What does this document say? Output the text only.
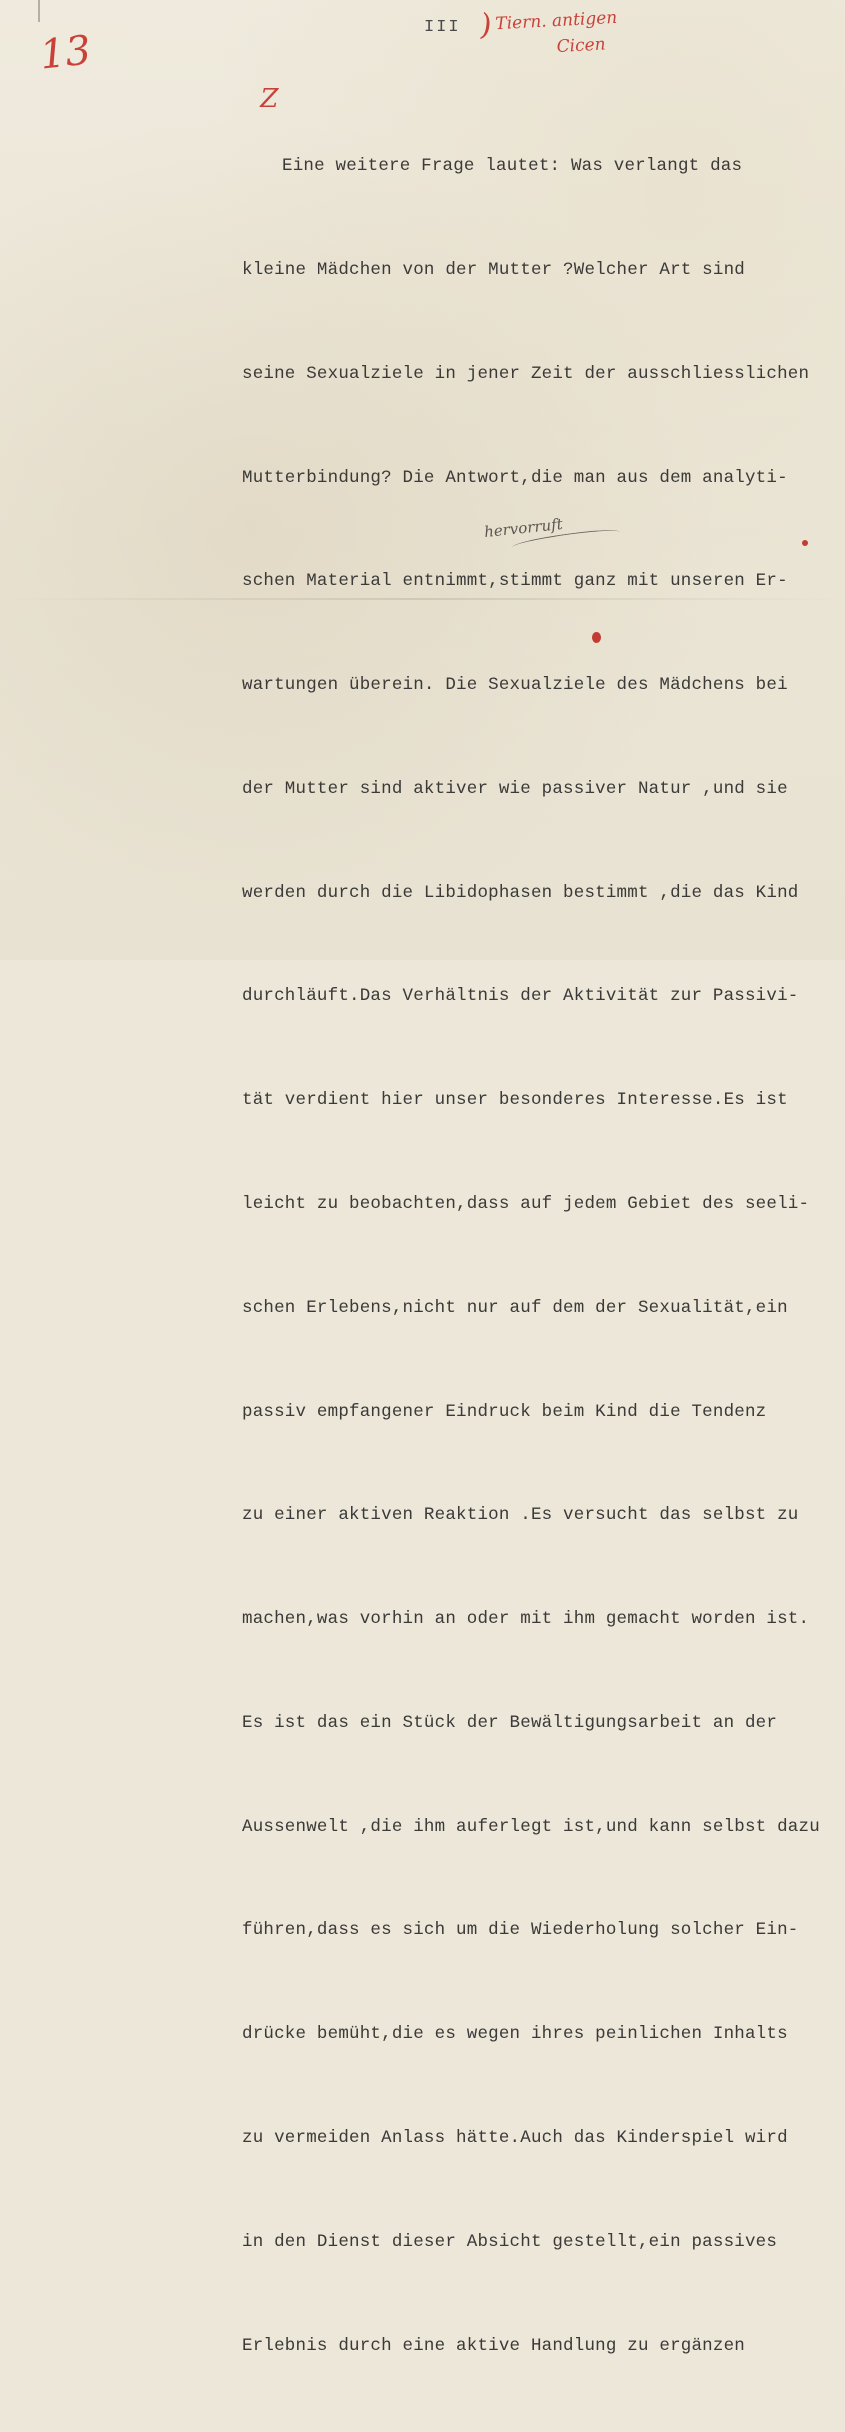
13	III ) Tiern. antigen
Cicen
Z
hervorruft

Eine weitere Frage lautet: Was verlangt das

kleine Mädchen von der Mutter ?Welcher Art sind

seine Sexualziele in jener Zeit der ausschliesslichen

Mutterbindung? Die Antwort,die man aus dem analyti-

schen Material entnimmt,stimmt ganz mit unseren Er-

wartungen überein. Die Sexualziele des Mädchens bei

der Mutter sind aktiver wie passiver Natur ,und sie

werden durch die Libidophasen bestimmt ,die das Kind

durchläuft.Das Verhältnis der Aktivität zur Passivi-

tät verdient hier unser besonderes Interesse.Es ist

leicht zu beobachten,dass auf jedem Gebiet des seeli-

schen Erlebens,nicht nur auf dem der Sexualität,ein

passiv empfangener Eindruck beim Kind die Tendenz

zu einer aktiven Reaktion .Es versucht das selbst zu

machen,was vorhin an oder mit ihm gemacht worden ist.

Es ist das ein Stück der Bewältigungsarbeit an der

Aussenwelt ,die ihm auferlegt ist,und kann selbst dazu

führen,dass es sich um die Wiederholung solcher Ein-

drücke bemüht,die es wegen ihres peinlichen Inhalts

zu vermeiden Anlass hätte.Auch das Kinderspiel wird

in den Dienst dieser Absicht gestellt,ein passives

Erlebnis durch eine aktive Handlung zu ergänzen
